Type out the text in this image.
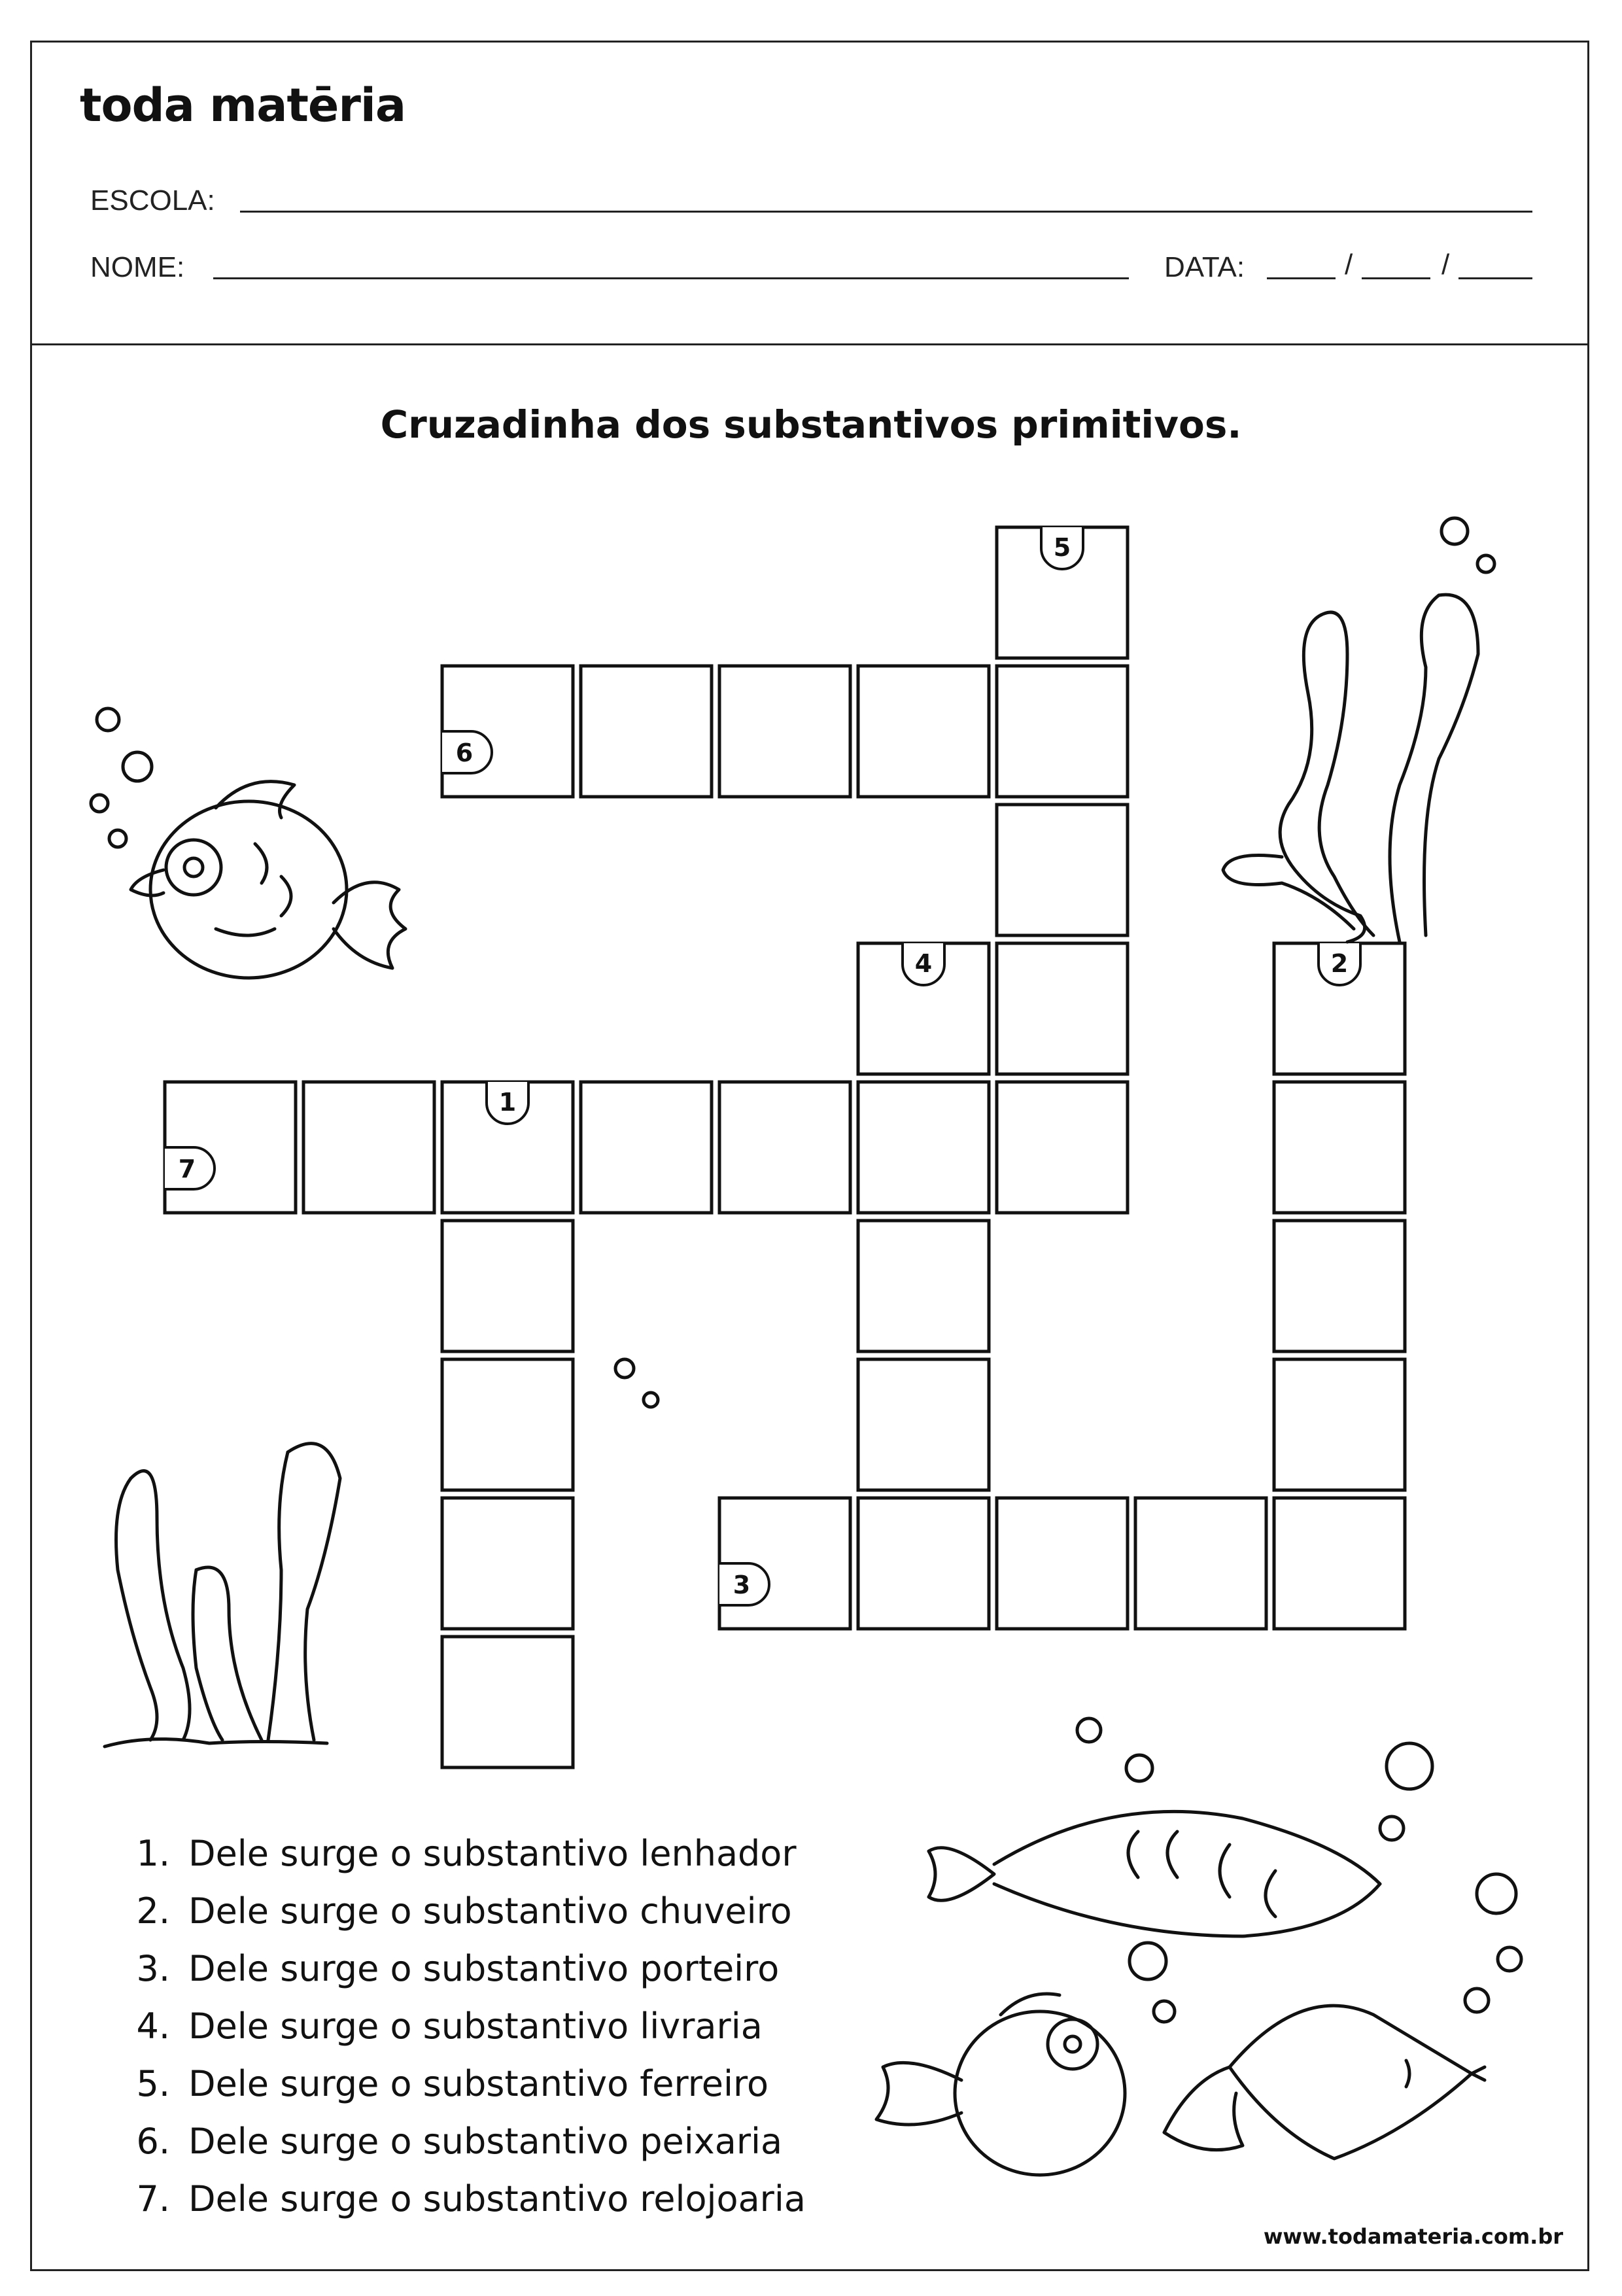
toda matēria
ESCOLA:
NOME:	DATA:	/	/
Cruzadinha dos substantivos primitivos.
1
2
3
4
5
6
7
1. Dele surge o substantivo lenhador
2. Dele surge o substantivo chuveiro
3. Dele surge o substantivo porteiro
4. Dele surge o substantivo livraria
5. Dele surge o substantivo ferreiro
6. Dele surge o substantivo peixaria
7. Dele surge o substantivo relojoaria
www.todamateria.com.br
